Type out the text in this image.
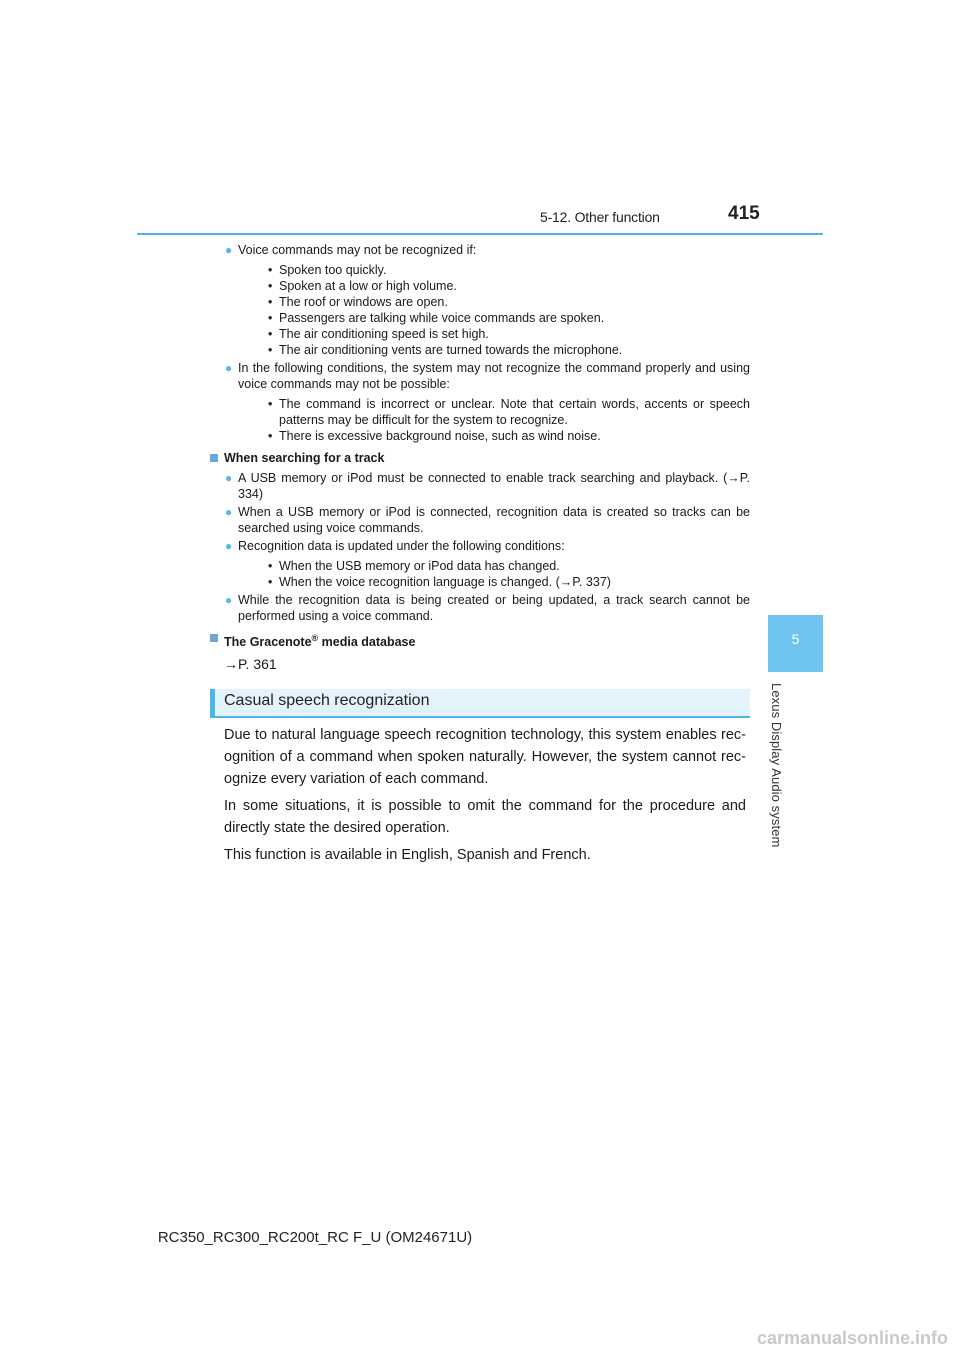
5-12. Other function	415
5
Lexus Display Audio system
● Voice commands may not be recognized if:
• Spoken too quickly.
• Spoken at a low or high volume.
• The roof or windows are open.
• Passengers are talking while voice commands are spoken.
• The air conditioning speed is set high.
• The air conditioning vents are turned towards the microphone.
● In the following conditions, the system may not recognize the command properly and using voice commands may not be possible:
• The command is incorrect or unclear. Note that certain words, accents or speech patterns may be difficult for the system to recognize.
• There is excessive background noise, such as wind noise.
When searching for a track
● A USB memory or iPod must be connected to enable track searching and playback. (→P. 334)
● When a USB memory or iPod is connected, recognition data is created so tracks can be searched using voice commands.
● Recognition data is updated under the following conditions:
• When the USB memory or iPod data has changed.
• When the voice recognition language is changed. (→P. 337)
● While the recognition data is being created or being updated, a track search cannot be performed using a voice command.
The Gracenote® media database
→P. 361
Casual speech recognization

Due to natural language speech recognition technology, this system enables rec-ognition of a command when spoken naturally. However, the system cannot rec-ognize every variation of each command.

In some situations, it is possible to omit the command for the procedure and directly state the desired operation.

This function is available in English, Spanish and French.

RC350_RC300_RC200t_RC F_U (OM24671U)
carmanualsonline.info
